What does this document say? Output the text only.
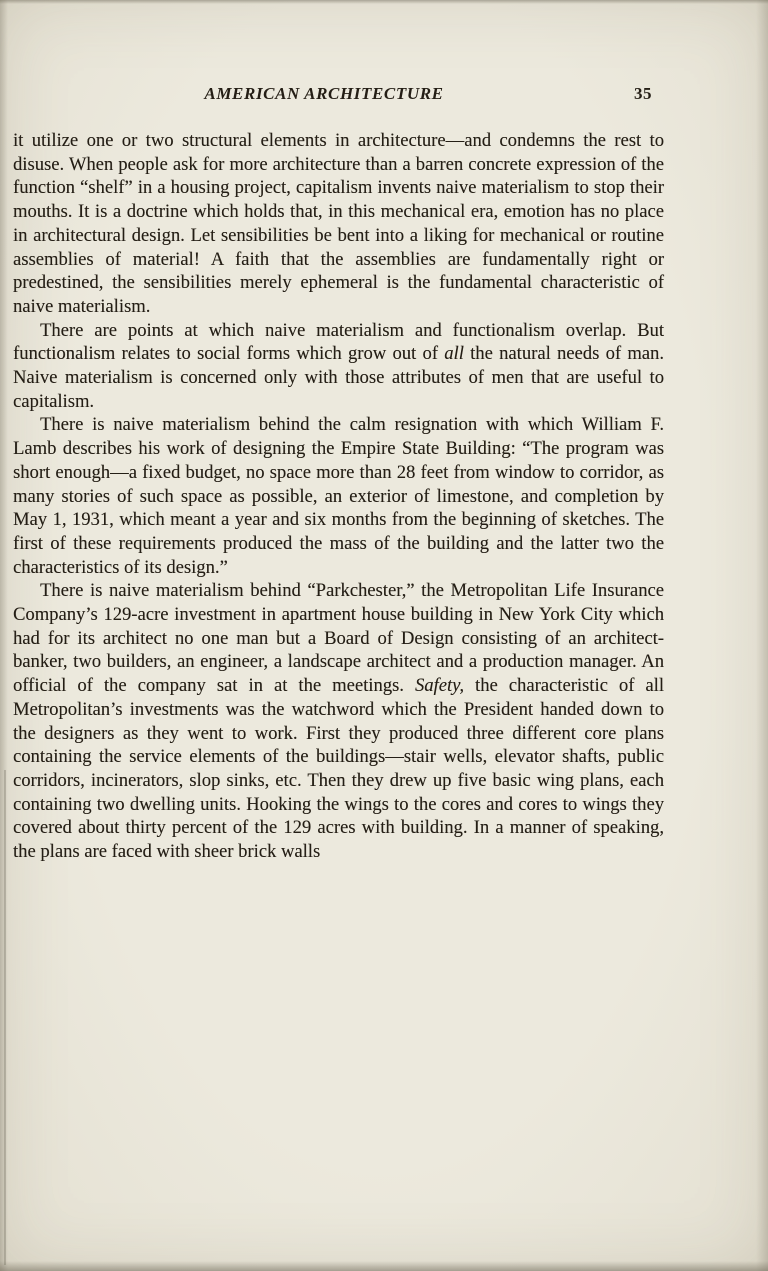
AMERICAN ARCHITECTURE	35

it utilize one or two structural elements in architecture—and condemns the rest to disuse. When people ask for more architecture than a barren concrete expression of the function “shelf” in a housing project, capitalism invents naive materialism to stop their mouths. It is a doctrine which holds that, in this mechanical era, emotion has no place in architectural design. Let sensibilities be bent into a liking for mechanical or routine assemblies of material! A faith that the assemblies are fundamentally right or predestined, the sensibilities merely ephemeral is the fundamental characteristic of naive materialism.

There are points at which naive materialism and functionalism overlap. But functionalism relates to social forms which grow out of all the natural needs of man. Naive materialism is concerned only with those attributes of men that are useful to capitalism.

There is naive materialism behind the calm resignation with which William F. Lamb describes his work of designing the Empire State Building: “The program was short enough—a fixed budget, no space more than 28 feet from window to corridor, as many stories of such space as possible, an exterior of limestone, and completion by May 1, 1931, which meant a year and six months from the beginning of sketches. The first of these requirements produced the mass of the building and the latter two the characteristics of its design.”

There is naive materialism behind “Parkchester,” the Metropolitan Life Insurance Company’s 129-acre investment in apartment house building in New York City which had for its architect no one man but a Board of Design consisting of an architect-banker, two builders, an engineer, a landscape architect and a production manager. An official of the company sat in at the meetings. Safety, the characteristic of all Metropolitan’s investments was the watchword which the President handed down to the designers as they went to work. First they produced three different core plans containing the service elements of the buildings—stair wells, elevator shafts, public corridors, incinerators, slop sinks, etc. Then they drew up five basic wing plans, each containing two dwelling units. Hooking the wings to the cores and cores to wings they covered about thirty percent of the 129 acres with building. In a manner of speaking, the plans are faced with sheer brick walls
